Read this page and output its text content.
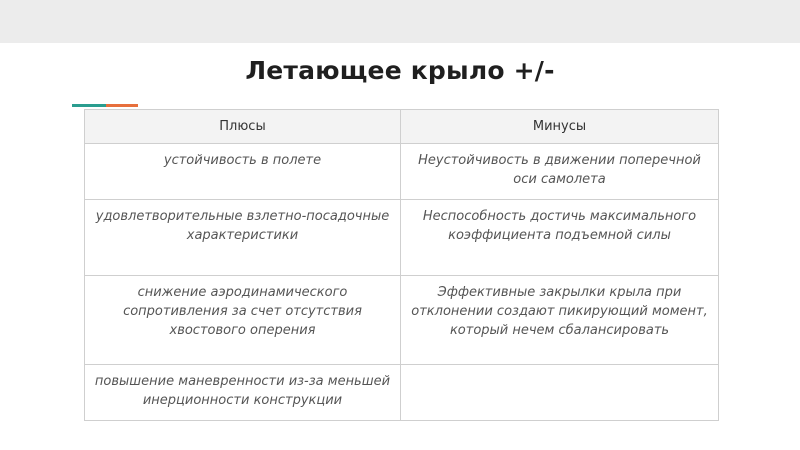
Летающее крыло +/-
Плюсы	Минусы
устойчивость в полете	Неустойчивость в движении поперечной оси самолета
удовлетворительные взлетно-посадочные характеристики	Неспособность достичь максимального коэффициента подъемной силы
снижение аэродинамического сопротивления за счет отсутствия хвостового оперения	Эффективные закрылки крыла при отклонении создают пикирующий момент, который нечем сбалансировать
повышение маневренности из-за меньшей инерционности конструкции	
